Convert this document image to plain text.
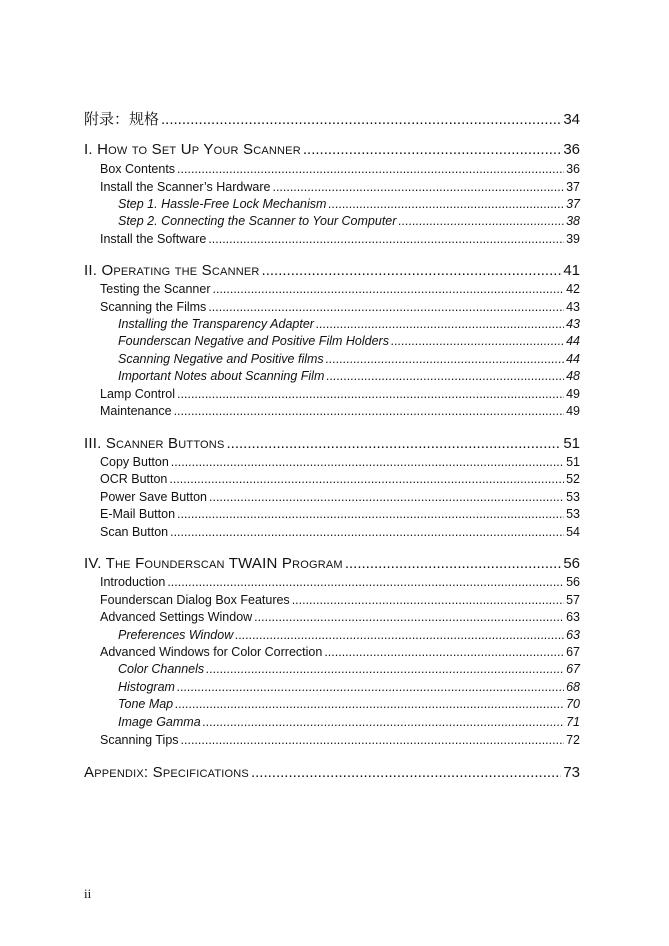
附录：规格 .....	34
I. How to Set Up Your Scanner .....	36
Box Contents .....	36
Install the Scanner’s Hardware .....	37
Step 1. Hassle-Free Lock Mechanism .....	37
Step 2. Connecting the Scanner to Your Computer .....	38
Install the Software .....	39
II. Operating the Scanner .....	41
Testing the Scanner .....	42
Scanning the Films .....	43
Installing the Transparency Adapter .....	43
Founderscan Negative and Positive Film Holders .....	44
Scanning Negative and Positive films .....	44
Important Notes about Scanning Film .....	48
Lamp Control .....	49
Maintenance .....	49
III. Scanner Buttons .....	51
Copy Button .....	51
OCR Button .....	52
Power Save Button .....	53
E-Mail Button .....	53
Scan Button .....	54
IV. The Founderscan TWAIN Program .....	56
Introduction .....	56
Founderscan Dialog Box Features .....	57
Advanced Settings Window .....	63
Preferences Window .....	63
Advanced Windows for Color Correction .....	67
Color Channels .....	67
Histogram .....	68
Tone Map .....	70
Image Gamma .....	71
Scanning Tips .....	72
Appendix: Specifications .....	73
ii
